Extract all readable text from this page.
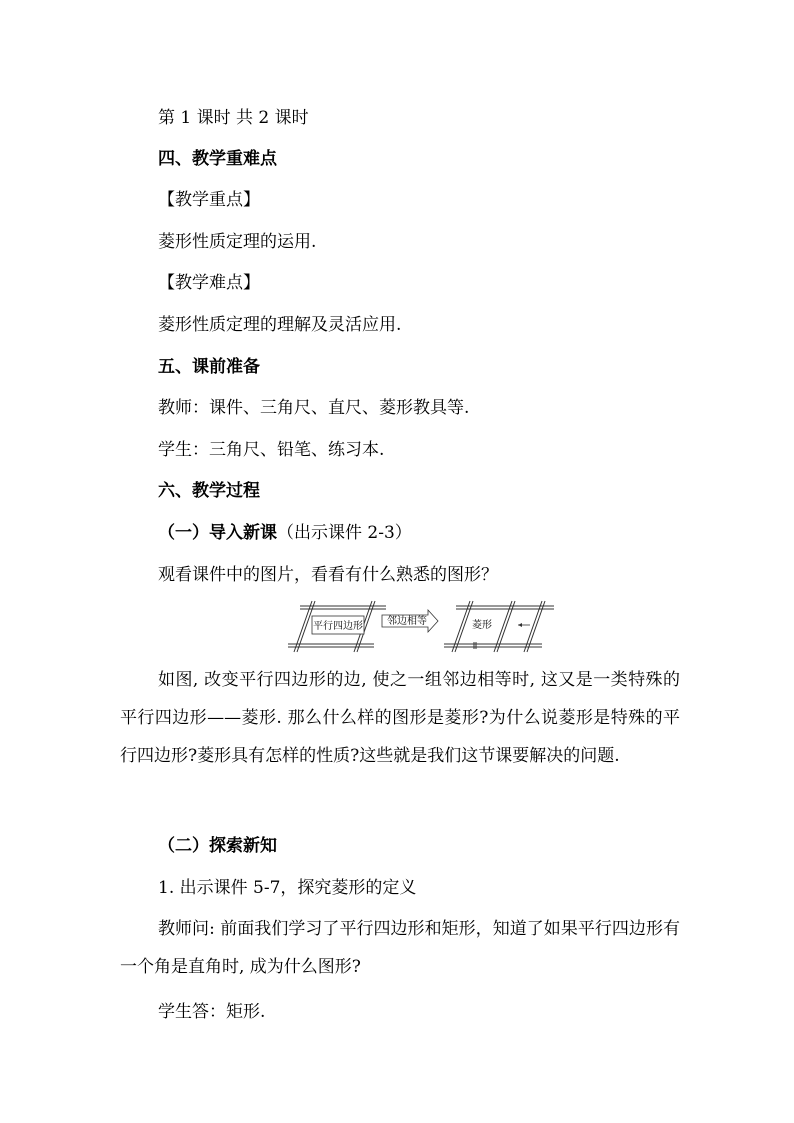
第 1 课时 共 2 课时
四、教学重难点
【教学重点】
菱形性质定理的运用.
【教学难点】
菱形性质定理的理解及灵活应用.
五、课前准备
教师：课件、三角尺、直尺、菱形教具等.
学生：三角尺、铅笔、练习本.
六、教学过程
（一）导入新课（出示课件 2-3）
观看课件中的图片，看看有什么熟悉的图形？
平行四边形 邻边相等	菱形
如图, 改变平行四边形的边, 使之一组邻边相等时, 这又是一类特殊的平行四边形——菱形. 那么什么样的图形是菱形?为什么说菱形是特殊的平行四边形?菱形具有怎样的性质?这些就是我们这节课要解决的问题.
（二）探索新知
1. 出示课件 5-7，探究菱形的定义
教师问: 前面我们学习了平行四边形和矩形，知道了如果平行四边形有一个角是直角时, 成为什么图形?
学生答：矩形.
